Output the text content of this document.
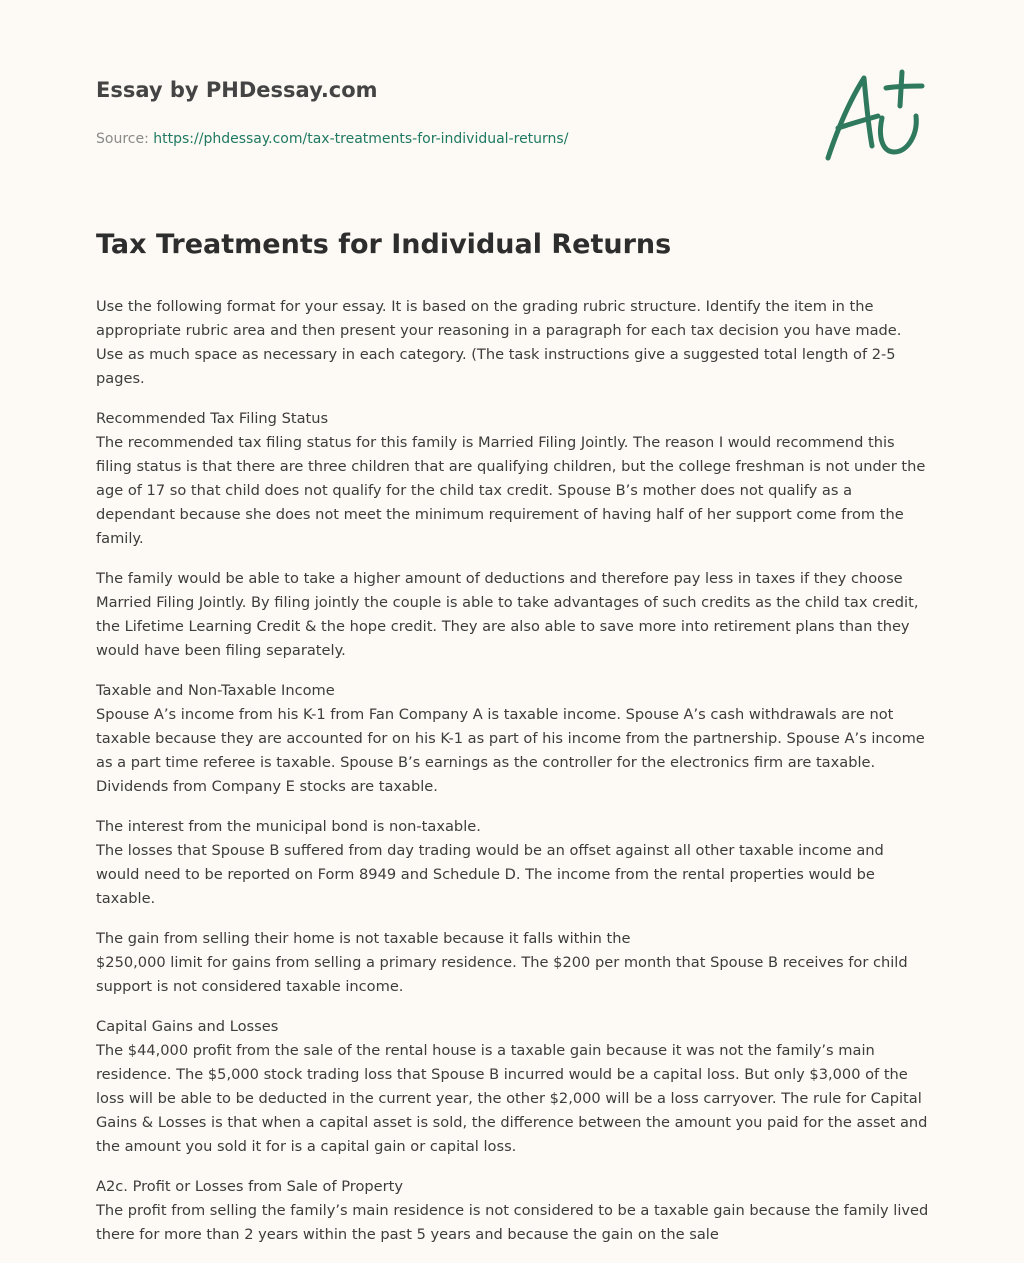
Essay by PHDessay.com

Source: https://phdessay.com/tax-treatments-for-individual-returns/
Tax Treatments for Individual Returns

Use the following format for your essay. It is based on the grading rubric structure. Identify the item in the appropriate rubric area and then present your reasoning in a paragraph for each tax decision you have made. Use as much space as necessary in each category. (The task instructions give a suggested total length of 2-5 pages.

Recommended Tax Filing Status
The recommended tax filing status for this family is Married Filing Jointly. The reason I would recommend this filing status is that there are three children that are qualifying children, but the college freshman is not under the age of 17 so that child does not qualify for the child tax credit. Spouse B’s mother does not qualify as a dependant because she does not meet the minimum requirement of having half of her support come from the family.

The family would be able to take a higher amount of deductions and therefore pay less in taxes if they choose Married Filing Jointly. By filing jointly the couple is able to take advantages of such credits as the child tax credit, the Lifetime Learning Credit & the hope credit. They are also able to save more into retirement plans than they would have been filing separately.

Taxable and Non-Taxable Income
Spouse A’s income from his K-1 from Fan Company A is taxable income. Spouse A’s cash withdrawals are not taxable because they are accounted for on his K-1 as part of his income from the partnership. Spouse A’s income as a part time referee is taxable. Spouse B’s earnings as the controller for the electronics firm are taxable. Dividends from Company E stocks are taxable.

The interest from the municipal bond is non-taxable.
The losses that Spouse B suffered from day trading would be an offset against all other taxable income and would need to be reported on Form 8949 and Schedule D. The income from the rental properties would be taxable.

The gain from selling their home is not taxable because it falls within the
$250,000 limit for gains from selling a primary residence. The $200 per month that Spouse B receives for child support is not considered taxable income.

Capital Gains and Losses
The $44,000 profit from the sale of the rental house is a taxable gain because it was not the family’s main residence. The $5,000 stock trading loss that Spouse B incurred would be a capital loss. But only $3,000 of the loss will be able to be deducted in the current year, the other $2,000 will be a loss carryover. The rule for Capital Gains & Losses is that when a capital asset is sold, the difference between the amount you paid for the asset and the amount you sold it for is a capital gain or capital loss.

A2c. Profit or Losses from Sale of Property
The profit from selling the family’s main residence is not considered to be a taxable gain because the family lived there for more than 2 years within the past 5 years and because the gain on the sale
